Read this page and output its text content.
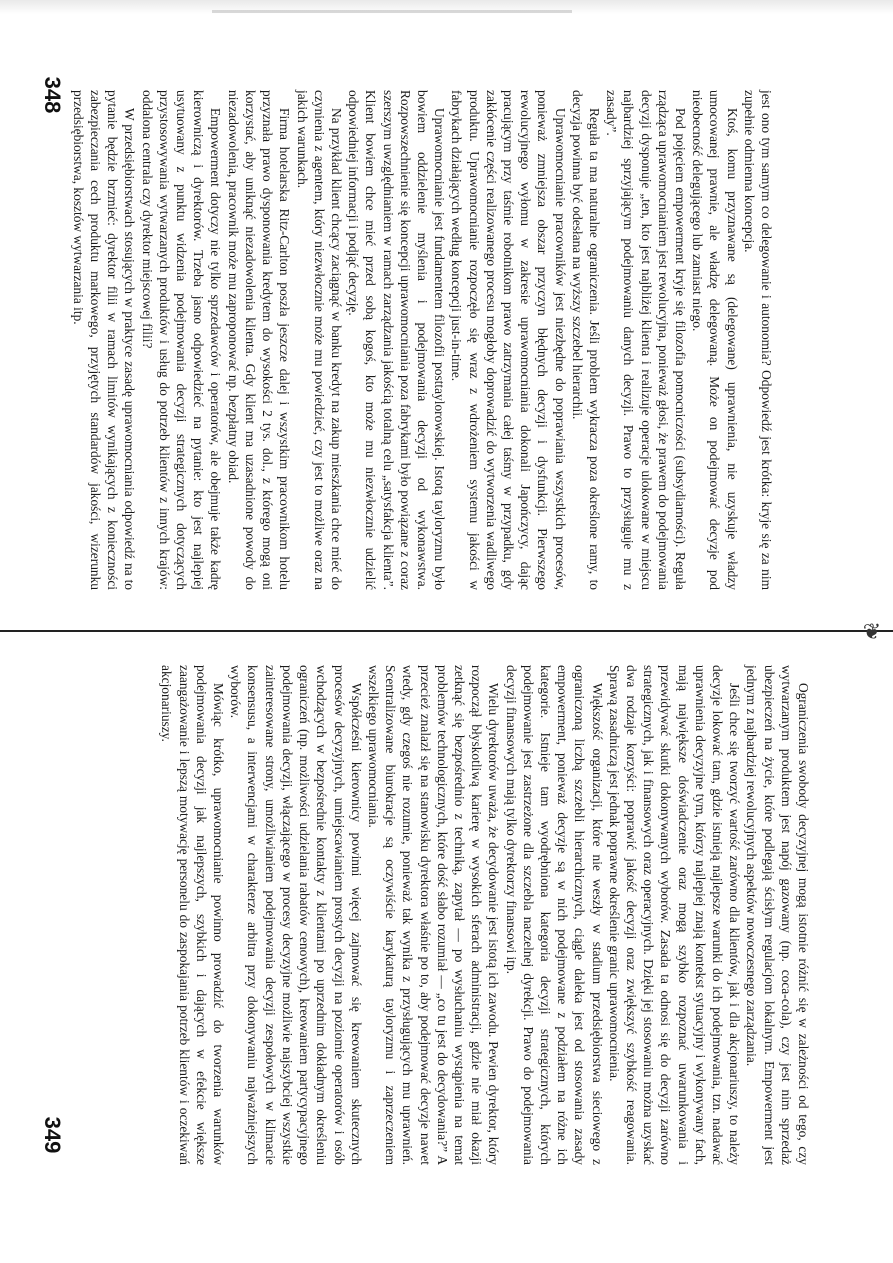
❦
348
349

jest ono tym samym co delegowanie i autonomia? Odpowiedź jest krótka: kryje się za nim zupełnie odmienna koncepcja.

Ktoś, komu przyznawane są (delegowane) uprawnienia, nie uzyskuje władzy umocowanej prawnie, ale władzę delegowaną. Może on podejmować decyzje pod nieobecność delegującego lub zamiast niego.

Pod pojęciem empowerment kryje się filozofia pomocniczości (subsydiarności). Reguła rządząca uprawomocnianiem jest rewolucyjna, ponieważ głosi, że prawem do podejmowania decyzji dysponuje „ten, kto jest najbliżej klienta i realizuje operacje ulokowane w miejscu najbardziej sprzyjającym podejmowaniu danych decyzji. Prawo to przysługuje mu z zasady”.

Reguła ta ma naturalne ograniczenia. Jeśli problem wykracza poza określone ramy, to decyzja powinna być odesłana na wyższy szczebel hierarchii.

Uprawomocnianie pracowników jest niezbędne do poprawiania wszystkich procesów, ponieważ zmniejsza obszar przyczyn błędnych decyzji i dysfunkcji. Pierwszego rewolucyjnego wyłomu w zakresie uprawomocniania dokonali Japończycy, dając pracującym przy taśmie robotnikom prawo zatrzymania całej taśmy w przypadku, gdy zakłócenie części realizowanego procesu mogłoby doprowadzić do wytworzenia wadliwego produktu. Uprawomocnianie rozpoczęło się wraz z wdrożeniem systemu jakości w fabrykach działających według koncepcji just-in-time.

Uprawomocnianie jest fundamentem filozofii posttaylorowskiej. Istotą tayloryzmu było bowiem oddzielenie myślenia i podejmowania decyzji od wykonawstwa. Rozpowszechnienie się koncepcji uprawomocniania poza fabrykami było powiązane z coraz szerszym uwzględnianiem w ramach zarządzania jakością totalną celu „satysfakcja klienta”. Klient bowiem chce mieć przed sobą kogoś, kto może mu niezwłocznie udzielić odpowiedniej informacji i podjąć decyzję.

Na przykład klient chcący zaciągnąć w banku kredyt na zakup mieszkania chce mieć do czynienia z agentem, który niezwłocznie może mu powiedzieć, czy jest to możliwe oraz na jakich warunkach.

Firma hotelarska Ritz-Carlton poszła jeszcze dalej i wszystkim pracownikom hotelu przyznała prawo dysponowania kredytem do wysokości 2 tys. dol., z którego mogą oni korzystać, aby uniknąć niezadowolenia klienta. Gdy klient ma uzasadnione powody do niezadowolenia, pracownik może mu zaproponować np. bezpłatny obiad.

Empowerment dotyczy nie tylko sprzedawców i operatorów, ale obejmuje także kadrę kierowniczą i dyrektorów. Trzeba jasno odpowiedzieć na pytanie: kto jest najlepiej usytuowany z punktu widzenia podejmowania decyzji strategicznych dotyczących przystosowywania wytwarzanych produktów i usług do potrzeb klientów z innych krajów: oddalona centrala czy dyrektor miejscowej filii?

W przedsiębiorstwach stosujących w praktyce zasadę uprawomocniania odpowiedź na to pytanie będzie brzmieć: dyrektor filii w ramach limitów wynikających z konieczności zabezpieczania cech produktu markowego, przyjętych standardów jakości, wizerunku przedsiębiorstwa, kosztów wytwarzania itp.

Ograniczenia swobody decyzyjnej mogą istotnie różnić się w zależności od tego, czy wytwarzanym produktem jest napój gazowany (np. coca-cola), czy jest nim sprzedaż ubezpieczeń na życie, które podlegają ścisłym regulacjom lokalnym. Empowerment jest jednym z najbardziej rewolucyjnych aspektów nowoczesnego zarządzania.

Jeśli chce się tworzyć wartość zarówno dla klientów, jak i dla akcjonariuszy, to należy decyzje lokować tam, gdzie istnieją najlepsze warunki do ich podejmowania, tzn. nadawać uprawnienia decyzyjne tym, którzy najlepiej znają kontekst sytuacyjny i wykonywany fach, mają największe doświadczenie oraz mogą szybko rozpoznać uwarunkowania i przewidywać skutki dokonywanych wyborów. Zasada ta odnosi się do decyzji zarówno strategicznych, jak i finansowych oraz operacyjnych. Dzięki jej stosowaniu można uzyskać dwa rodzaje korzyści: poprawić jakość decyzji oraz zwiększyć szybkość reagowania. Sprawą zasadniczą jest jednak poprawne określenie granic uprawomocnienia.

Większość organizacji, które nie weszły w stadium przedsiębiorstwa sieciowego z ograniczoną liczbą szczebli hierarchicznych, ciągle daleka jest od stosowania zasady empowerment, ponieważ decyzje są w nich podejmowane z podziałem na różne ich kategorie. Istnieje tam wyodrębniona kategoria decyzji strategicznych, których podejmowanie jest zastrzeżone dla szczebla naczelnej dyrekcji. Prawo do podejmowania decyzji finansowych mają tylko dyrektorzy finansowi itp.

Wielu dyrektorów uważa, że decydowanie jest istotą ich zawodu. Pewien dyrektor, który rozpoczął błyskotliwą karierę w wysokich sferach administracji, gdzie nie miał okazji zetknąć się bezpośrednio z techniką, zapytał — po wysłuchaniu wystąpienia na temat problemów technologicznych, które dość słabo rozumiał — „co tu jest do decydowania?” A przecież znalazł się na stanowisku dyrektora właśnie po to, aby podejmować decyzje nawet wtedy, gdy czegoś nie rozumie, ponieważ tak wynika z przysługujących mu uprawnień. Scentralizowane biurokracje są oczywiście karykaturą tayloryzmu i zaprzeczeniem wszelkiego uprawomocniania.

Współcześni kierownicy powinni więcej zajmować się kreowaniem skutecznych procesów decyzyjnych, umiejscawianiem prostych decyzji na poziomie operatorów i osób wchodzących w bezpośrednie kontakty z klientami po uprzednim dokładnym określeniu ograniczeń (np. możliwości udzielania rabatów cenowych), kreowaniem partycypacyjnego podejmowania decyzji, włączającego w procesy decyzyjne możliwie najszybciej wszystkie zainteresowane strony, umożliwianiem podejmowania decyzji zespołowych w klimacie konsensusu, a interwencjami w charakterze arbitra przy dokonywaniu najważniejszych wyborów.

Mówiąc krótko, uprawomocnianie powinno prowadzić do tworzenia warunków podejmowania decyzji jak najlepszych, szybkich i dających w efekcie większe zaangażowanie i lepszą motywację personelu do zaspokajania potrzeb klientów i oczekiwań akcjonariuszy.
